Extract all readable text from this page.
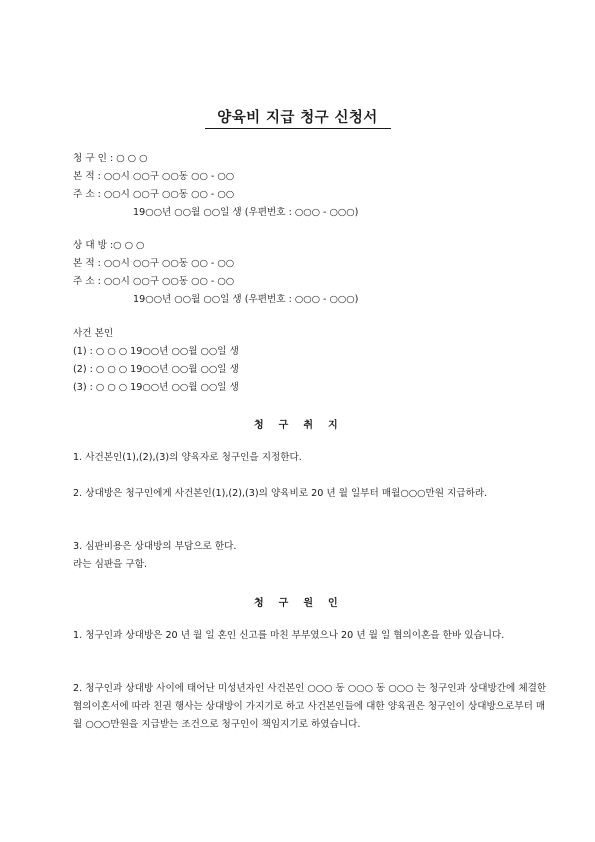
양육비 지급 청구 신청서
청 구 인 : ○ ○ ○
본 적 : ○○시 ○○구 ○○동 ○○ - ○○
주 소 : ○○시 ○○구 ○○동 ○○ - ○○
19○○년 ○○월 ○○일 생 (우편번호 : ○○○ - ○○○)
상 대 방 :○ ○ ○
본 적 : ○○시 ○○구 ○○동 ○○ - ○○
주 소 : ○○시 ○○구 ○○동 ○○ - ○○
19○○년 ○○월 ○○일 생 (우편번호 : ○○○ - ○○○)
사건 본인
(1) : ○ ○ ○ 19○○년 ○○월 ○○일 생
(2) : ○ ○ ○ 19○○년 ○○월 ○○일 생
(3) : ○ ○ ○ 19○○년 ○○월 ○○일 생
청구취지
1. 사건본인(1),(2),(3)의 양육자로 청구인을 지정한다.
2. 상대방은 청구인에게 사건본인(1),(2),(3)의 양육비로 20 년 월 일부터 매월○○○만원 지급하라.
3. 심판비용은 상대방의 부담으로 한다.
라는 심판을 구함.
청구원인
1. 청구인과 상대방은 20 년 월 일 혼인 신고를 마친 부부였으나 20 년 월 일 협의이혼을 한바 있습니다.
2. 청구인과 상대방 사이에 태어난 미성년자인 사건본인 ○○○ 동 ○○○ 동 ○○○ 는 청구인과 상대방간에 체결한 협의이혼서에 따라 친권 행사는 상대방이 가지기로 하고 사건본인들에 대한 양육권은 청구인이 상대방으로부터 매월 ○○○만원을 지급받는 조건으로 청구인이 책임지기로 하였습니다.
